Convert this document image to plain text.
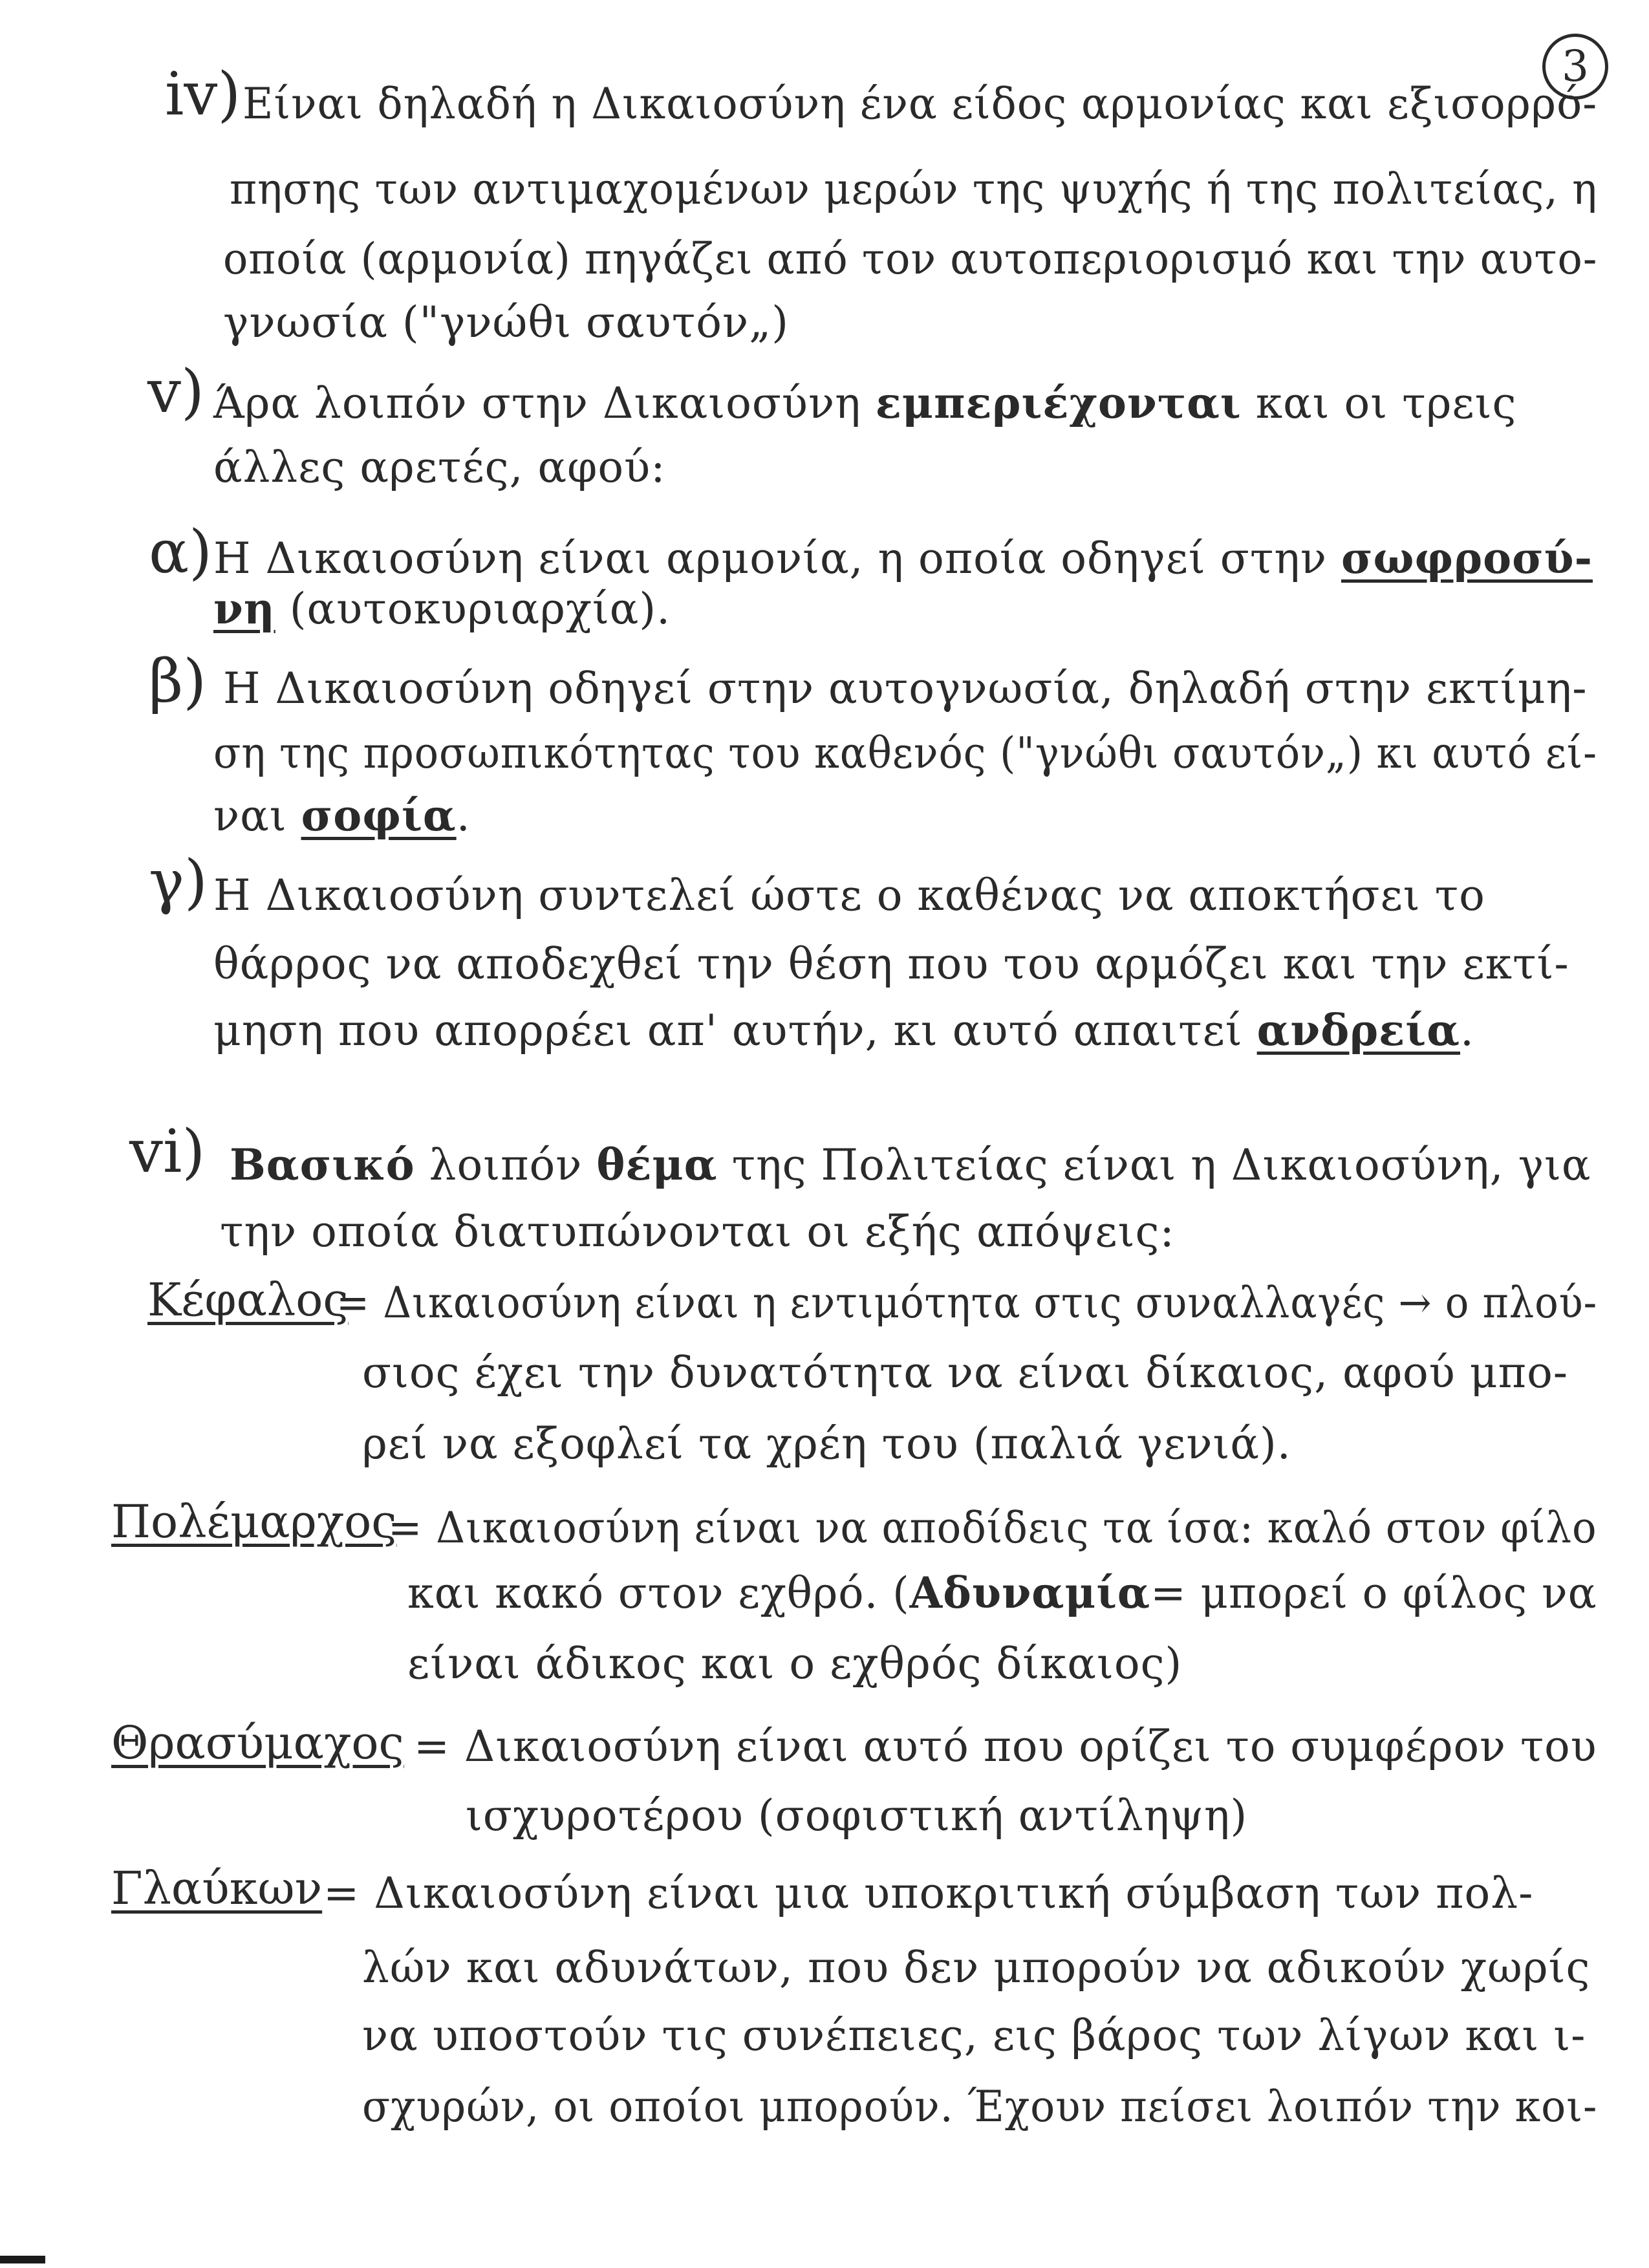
3
iv) Είναι δηλαδή η Δικαιοσύνη ένα είδος αρμονίας και εξισορρό-
πησης των αντιμαχομένων μερών της ψυχής ή της πολιτείας, η
οποία (αρμονία) πηγάζει από τον αυτοπεριορισμό και την αυτο-
γνωσία ("γνώθι σαυτόν„)
v) Άρα λοιπόν στην Δικαιοσύνη εμπεριέχονται και οι τρεις
άλλες αρετές, αφού:
α) Η Δικαιοσύνη είναι αρμονία, η οποία οδηγεί στην σωφροσύ-
νη (αυτοκυριαρχία).
β) Η Δικαιοσύνη οδηγεί στην αυτογνωσία, δηλαδή στην εκτίμη-
ση της προσωπικότητας του καθενός ("γνώθι σαυτόν„) κι αυτό εί-
ναι σοφία.
γ) Η Δικαιοσύνη συντελεί ώστε ο καθένας να αποκτήσει το
θάρρος να αποδεχθεί την θέση που του αρμόζει και την εκτί-
μηση που απορρέει απ' αυτήν, κι αυτό απαιτεί ανδρεία.
vi) Βασικό λοιπόν θέμα της Πολιτείας είναι η Δικαιοσύνη, για
την οποία διατυπώνονται οι εξής απόψεις:
Κέφαλος
= Δικαιοσύνη είναι η εντιμότητα στις συναλλαγές → ο πλού-
σιος έχει την δυνατότητα να είναι δίκαιος, αφού μπο-
ρεί να εξοφλεί τα χρέη του (παλιά γενιά).
Πολέμαρχος
= Δικαιοσύνη είναι να αποδίδεις τα ίσα: καλό στον φίλο
και κακό στον εχθρό. (Αδυναμία= μπορεί ο φίλος να
είναι άδικος και ο εχθρός δίκαιος)
Θρασύμαχος = Δικαιοσύνη είναι αυτό που ορίζει το συμφέρον του
ισχυροτέρου (σοφιστική αντίληψη)
Γλαύκων = Δικαιοσύνη είναι μια υποκριτική σύμβαση των πολ-
λών και αδυνάτων, που δεν μπορούν να αδικούν χωρίς
να υποστούν τις συνέπειες, εις βάρος των λίγων και ι-
σχυρών, οι οποίοι μπορούν. Έχουν πείσει λοιπόν την κοι-
